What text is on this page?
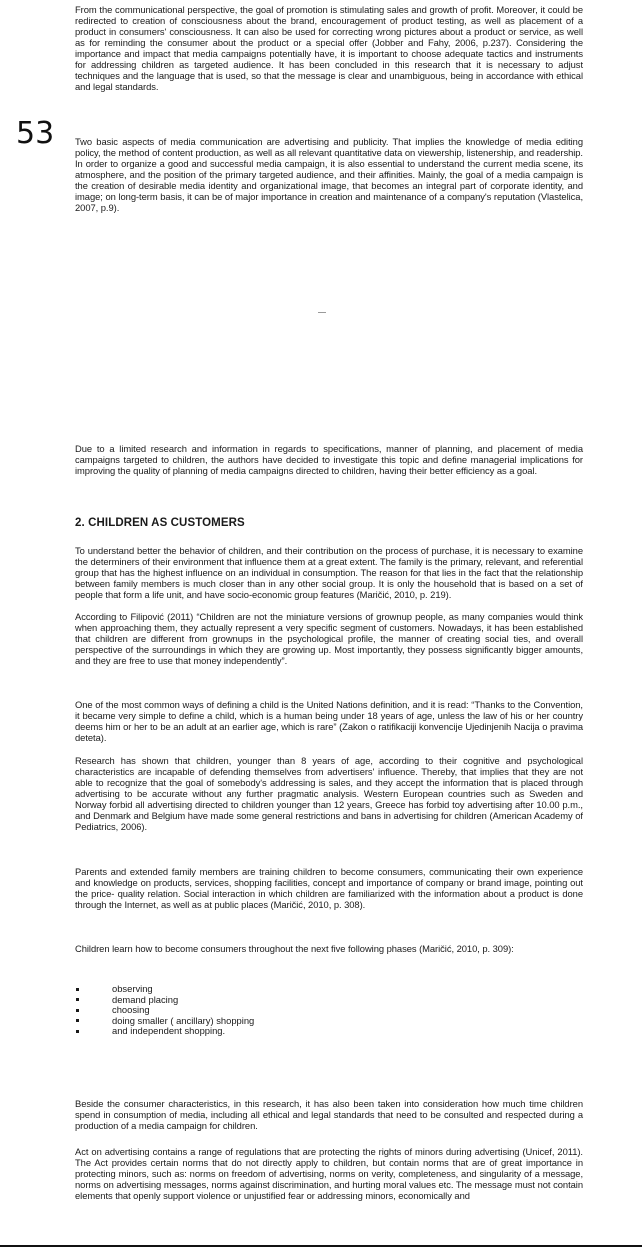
53

From the communicational perspective, the goal of promotion is stimulating sales and growth of profit. Moreover, it could be redirected to creation of consciousness about the brand, encouragement of product testing, as well as placement of a product in consumers' consciousness. It can also be used for correcting wrong pictures about a product or service, as well as for reminding the consumer about the product or a special offer (Jobber and Fahy, 2006, p.237). Considering the importance and impact that media campaigns potentially have, it is important to choose adequate tactics and instruments for addressing children as targeted audience. It has been concluded in this research that it is necessary to adjust techniques and the language that is used, so that the message is clear and unambiguous, being in accordance with ethical and legal standards.

Two basic aspects of media communication are advertising and publicity. That implies the knowledge of media editing policy, the method of content production, as well as all relevant quantitative data on viewership, listenership, and readership. In order to organize a good and successful media campaign, it is also essential to understand the current media scene, its atmosphere, and the position of the primary targeted audience, and their affinities. Mainly, the goal of a media campaign is the creation of desirable media identity and organizational image, that becomes an integral part of corporate identity, and image; on long-term basis, it can be of major importance in creation and maintenance of a company's reputation (Vlastelica, 2007, p.9).

Due to a limited research and information in regards to specifications, manner of planning, and placement of media campaigns targeted to children, the authors have decided to investigate this topic and define managerial implications for improving the quality of planning of media campaigns directed to children, having their better efficiency as a goal.

2. CHILDREN AS CUSTOMERS

To understand better the behavior of children, and their contribution on the process of purchase, it is necessary to examine the determiners of their environment that influence them at a great extent. The family is the primary, relevant, and referential group that has the highest influence on an individual in consumption. The reason for that lies in the fact that the relationship between family members is much closer than in any other social group. It is only the household that is based on a set of people that form a life unit, and have socio-economic group features (Maričić, 2010, p. 219).

According to Filipović (2011) “Children are not the miniature versions of grownup people, as many companies would think when approaching them, they actually represent a very specific segment of customers. Nowadays, it has been established that children are different from grownups in the psychological profile, the manner of creating social ties, and overall perspective of the surroundings in which they are growing up. Most importantly, they possess significantly bigger amounts, and they are free to use that money independently”.

One of the most common ways of defining a child is the United Nations definition, and it is read: “Thanks to the Convention, it became very simple to define a child, which is a human being under 18 years of age, unless the law of his or her country deems him or her to be an adult at an earlier age, which is rare” (Zakon o ratifikaciji konvencije Ujedinjenih Nacija o pravima deteta).

Research has shown that children, younger than 8 years of age, according to their cognitive and psychological characteristics are incapable of defending themselves from advertisers' influence. Thereby, that implies that they are not able to recognize that the goal of somebody's addressing is sales, and they accept the information that is placed through advertising to be accurate without any further pragmatic analysis. Western European countries such as Sweden and Norway forbid all advertising directed to children younger than 12 years, Greece has forbid toy advertising after 10.00 p.m., and Denmark and Belgium have made some general restrictions and bans in advertising for children (American Academy of Pediatrics, 2006).

Parents and extended family members are training children to become consumers, communicating their own experience and knowledge on products, services, shopping facilities, concept and importance of company or brand image, pointing out the price- quality relation. Social interaction in which children are familiarized with the information about a product is done through the Internet, as well as at public places (Maričić, 2010, p. 308).

Children learn how to become consumers throughout the next five following phases (Maričić, 2010, p. 309):

observing
demand placing
choosing
doing smaller ( ancillary) shopping
and independent shopping.

Beside the consumer characteristics, in this research, it has also been taken into consideration how much time children spend in consumption of media, including all ethical and legal standards that need to be consulted and respected during a production of a media campaign for children.

Act on advertising contains a range of regulations that are protecting the rights of minors during advertising (Unicef, 2011). The Act provides certain norms that do not directly apply to children, but contain norms that are of great importance in protecting minors, such as: norms on freedom of advertising, norms on verity, completeness, and singularity of a message, norms on advertising messages, norms against discrimination, and hurting moral values etc. The message must not contain elements that openly support violence or unjustified fear or addressing minors, economically and
